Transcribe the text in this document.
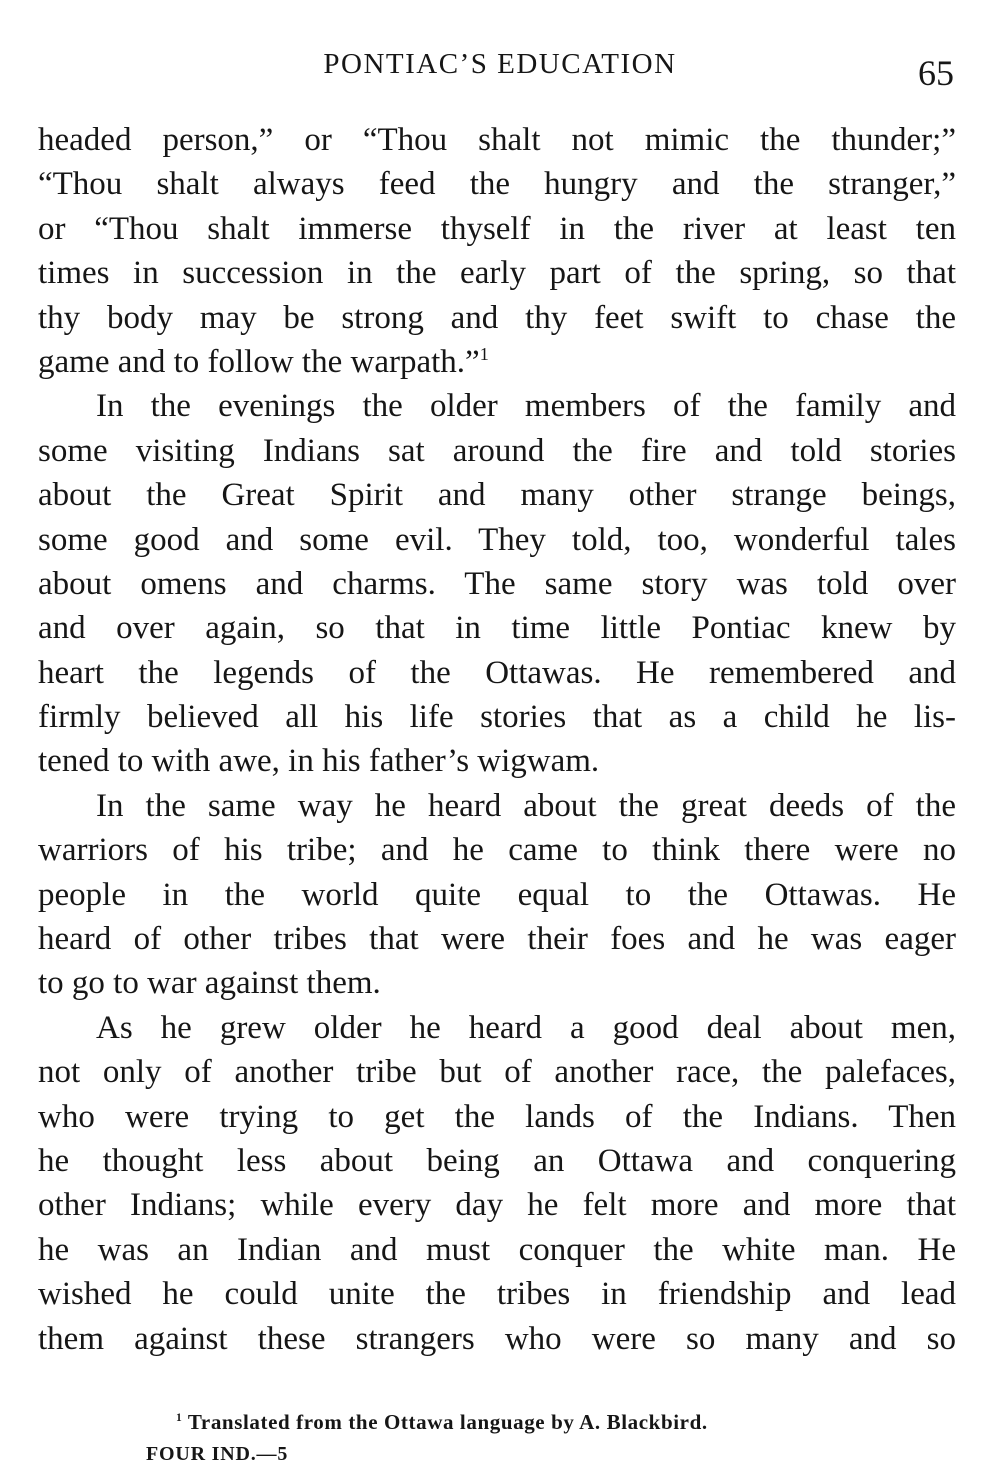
PONTIAC’S EDUCATION	65
headed person,” or “Thou shalt not mimic the thunder;”
“Thou shalt always feed the hungry and the stranger,”
or “Thou shalt immerse thyself in the river at least ten
times in succession in the early part of the spring, so that
thy body may be strong and thy feet swift to chase the
game and to follow the warpath.”$^1$
In the evenings the older members of the family and
some visiting Indians sat around the fire and told stories
about the Great Spirit and many other strange beings,
some good and some evil. They told, too, wonderful tales
about omens and charms. The same story was told over
and over again, so that in time little Pontiac knew by
heart the legends of the Ottawas. He remembered and
firmly believed all his life stories that as a child he lis-
tened to with awe, in his father’s wigwam.
In the same way he heard about the great deeds of the
warriors of his tribe; and he came to think there were no
people in the world quite equal to the Ottawas. He
heard of other tribes that were their foes and he was eager
to go to war against them.
As he grew older he heard a good deal about men,
not only of another tribe but of another race, the palefaces,
who were trying to get the lands of the Indians. Then
he thought less about being an Ottawa and conquering
other Indians; while every day he felt more and more that
he was an Indian and must conquer the white man. He
wished he could unite the tribes in friendship and lead
them against these strangers who were so many and so
$^1$ Translated from the Ottawa language by A. Blackbird.
FOUR IND.—5
